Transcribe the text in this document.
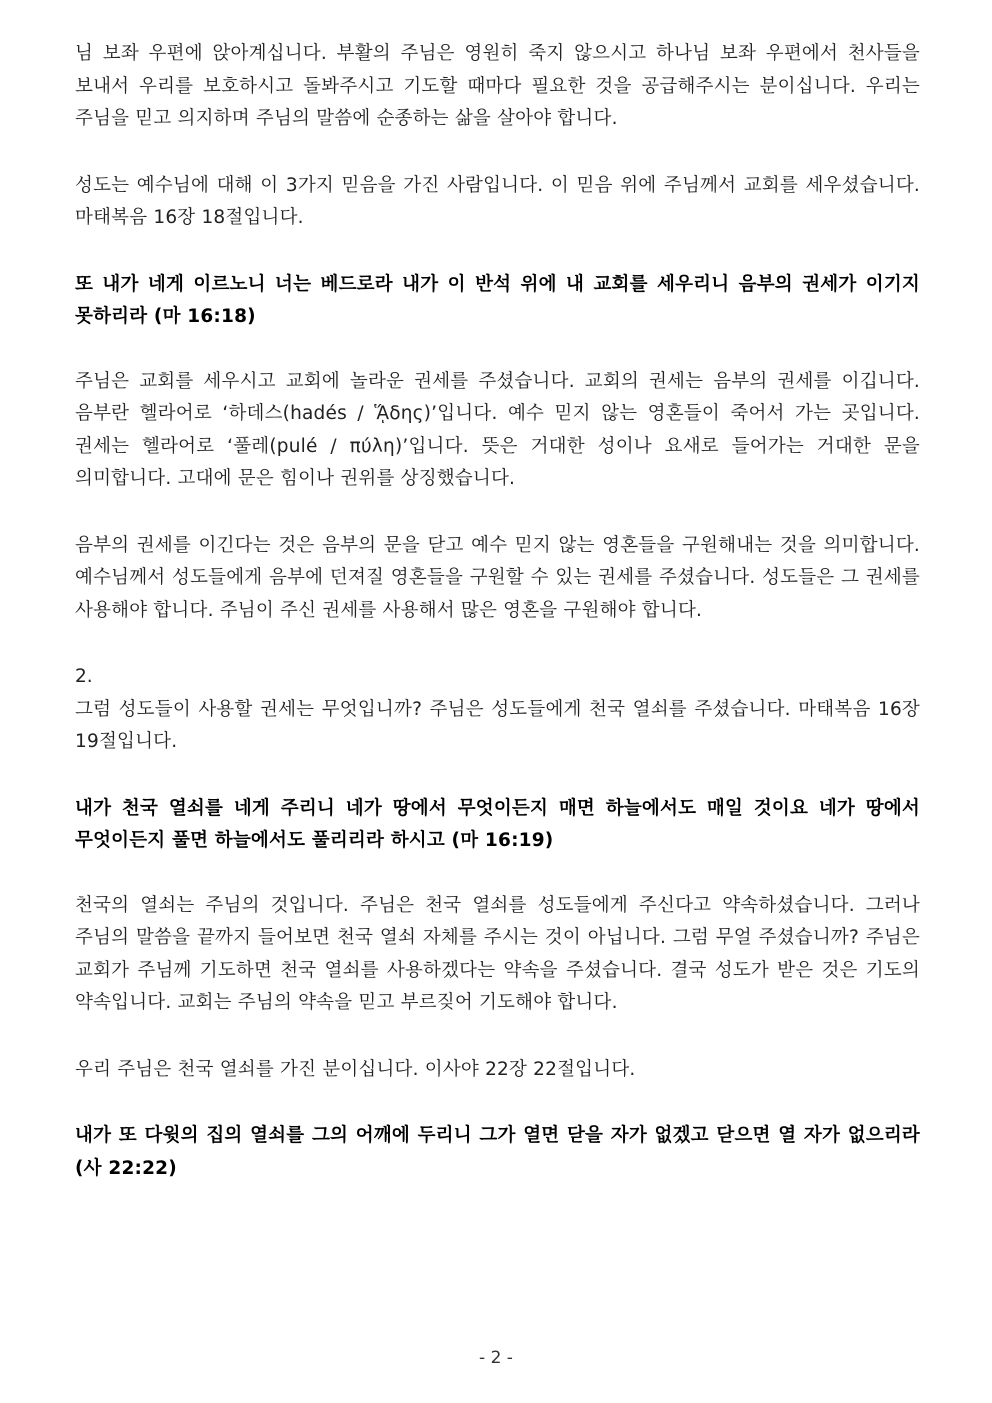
님 보좌 우편에 앉아계십니다. 부활의 주님은 영원히 죽지 않으시고 하나님 보좌 우편에서 천사들을 보내서 우리를 보호하시고 돌봐주시고 기도할 때마다 필요한 것을 공급해주시는 분이십니다. 우리는 주님을 믿고 의지하며 주님의 말씀에 순종하는 삶을 살아야 합니다.

성도는 예수님에 대해 이 3가지 믿음을 가진 사람입니다. 이 믿음 위에 주님께서 교회를 세우셨습니다. 마태복음 16장 18절입니다.

또 내가 네게 이르노니 너는 베드로라 내가 이 반석 위에 내 교회를 세우리니 음부의 권세가 이기지 못하리라 (마 16:18)

주님은 교회를 세우시고 교회에 놀라운 권세를 주셨습니다. 교회의 권세는 음부의 권세를 이깁니다. 음부란 헬라어로 ‘하데스(hadés / ᾍδης)’입니다. 예수 믿지 않는 영혼들이 죽어서 가는 곳입니다. 권세는 헬라어로 ‘풀레(pulé / πύλη)’입니다. 뜻은 거대한 성이나 요새로 들어가는 거대한 문을 의미합니다. 고대에 문은 힘이나 권위를 상징했습니다.

음부의 권세를 이긴다는 것은 음부의 문을 닫고 예수 믿지 않는 영혼들을 구원해내는 것을 의미합니다. 예수님께서 성도들에게 음부에 던져질 영혼들을 구원할 수 있는 권세를 주셨습니다. 성도들은 그 권세를 사용해야 합니다. 주님이 주신 권세를 사용해서 많은 영혼을 구원해야 합니다.

2.

그럼 성도들이 사용할 권세는 무엇입니까? 주님은 성도들에게 천국 열쇠를 주셨습니다. 마태복음 16장 19절입니다.

내가 천국 열쇠를 네게 주리니 네가 땅에서 무엇이든지 매면 하늘에서도 매일 것이요 네가 땅에서 무엇이든지 풀면 하늘에서도 풀리리라 하시고 (마 16:19)

천국의 열쇠는 주님의 것입니다. 주님은 천국 열쇠를 성도들에게 주신다고 약속하셨습니다. 그러나 주님의 말씀을 끝까지 들어보면 천국 열쇠 자체를 주시는 것이 아닙니다. 그럼 무얼 주셨습니까? 주님은 교회가 주님께 기도하면 천국 열쇠를 사용하겠다는 약속을 주셨습니다. 결국 성도가 받은 것은 기도의 약속입니다. 교회는 주님의 약속을 믿고 부르짖어 기도해야 합니다.

우리 주님은 천국 열쇠를 가진 분이십니다. 이사야 22장 22절입니다.

내가 또 다윗의 집의 열쇠를 그의 어깨에 두리니 그가 열면 닫을 자가 없겠고 닫으면 열 자가 없으리라 (사 22:22)

- 2 -
